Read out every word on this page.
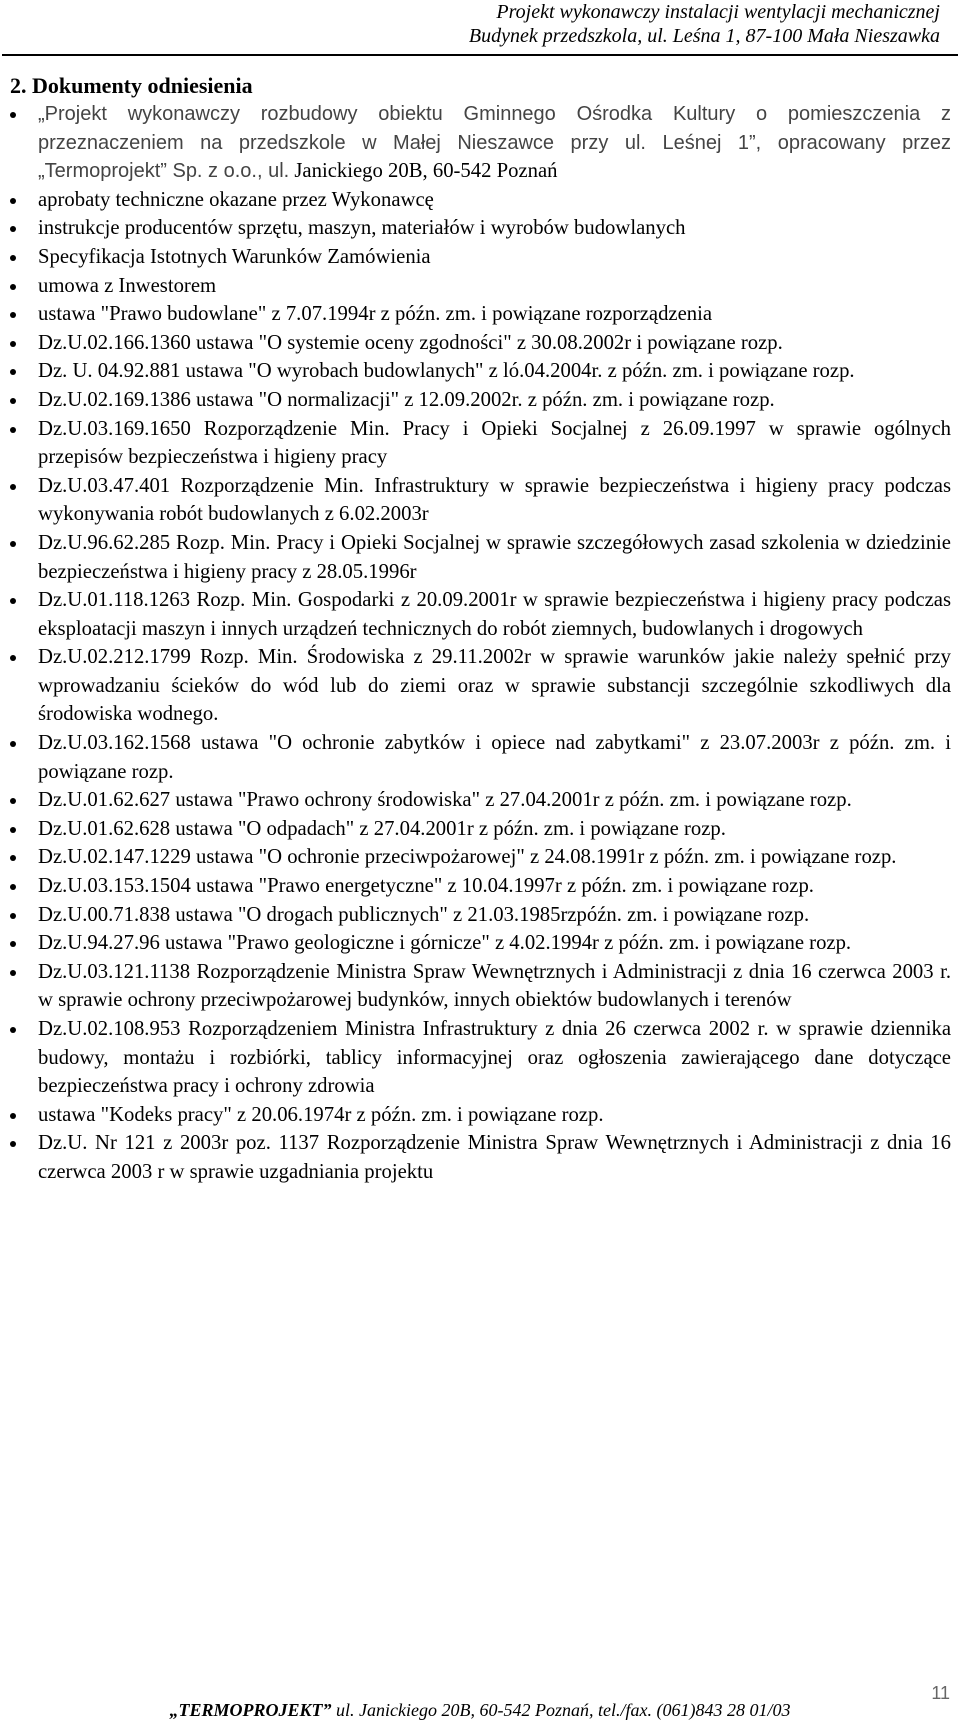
Projekt wykonawczy instalacji wentylacji mechanicznej
Budynek przedszkola, ul. Leśna 1, 87-100 Mała Nieszawka
2. Dokumenty odniesienia
„Projekt wykonawczy rozbudowy obiektu Gminnego Ośrodka Kultury o pomieszczenia z przeznaczeniem na przedszkole w Małej Nieszawce przy ul. Leśnej 1”, opracowany przez „Termoprojekt” Sp. z o.o., ul. Janickiego 20B, 60-542 Poznań
aprobaty techniczne okazane przez Wykonawcę
instrukcje producentów sprzętu, maszyn, materiałów i wyrobów budowlanych
Specyfikacja Istotnych Warunków Zamówienia
umowa z Inwestorem
ustawa "Prawo budowlane" z 7.07.1994r z późn. zm. i powiązane rozporządzenia
Dz.U.02.166.1360 ustawa "O systemie oceny zgodności" z 30.08.2002r i powiązane rozp.
Dz. U. 04.92.881 ustawa "O wyrobach budowlanych" z ló.04.2004r. z późn. zm. i powiązane rozp.
Dz.U.02.169.1386 ustawa "O normalizacji" z 12.09.2002r. z późn. zm. i powiązane rozp.
Dz.U.03.169.1650 Rozporządzenie Min. Pracy i Opieki Socjalnej z 26.09.1997 w sprawie ogólnych przepisów bezpieczeństwa i higieny pracy
Dz.U.03.47.401 Rozporządzenie Min. Infrastruktury w sprawie bezpieczeństwa i higieny pracy podczas wykonywania robót budowlanych z 6.02.2003r
Dz.U.96.62.285 Rozp. Min. Pracy i Opieki Socjalnej w sprawie szczegółowych zasad szkolenia w dziedzinie bezpieczeństwa i higieny pracy z 28.05.1996r
Dz.U.01.118.1263 Rozp. Min. Gospodarki z 20.09.2001r w sprawie bezpieczeństwa i higieny pracy podczas eksploatacji maszyn i innych urządzeń technicznych do robót ziemnych, budowlanych i drogowych
Dz.U.02.212.1799 Rozp. Min. Środowiska z 29.11.2002r w sprawie warunków jakie należy spełnić przy wprowadzaniu ścieków do wód lub do ziemi oraz w sprawie substancji szczególnie szkodliwych dla środowiska wodnego.
Dz.U.03.162.1568 ustawa "O ochronie zabytków i opiece nad zabytkami" z 23.07.2003r z późn. zm. i powiązane rozp.
Dz.U.01.62.627 ustawa "Prawo ochrony środowiska" z 27.04.2001r z późn. zm. i powiązane rozp.
Dz.U.01.62.628 ustawa "O odpadach" z 27.04.2001r z późn. zm. i powiązane rozp.
Dz.U.02.147.1229 ustawa "O ochronie przeciwpożarowej" z 24.08.1991r z późn. zm. i powiązane rozp.
Dz.U.03.153.1504 ustawa "Prawo energetyczne" z 10.04.1997r z późn. zm. i powiązane rozp.
Dz.U.00.71.838 ustawa "O drogach publicznych" z 21.03.1985rzpóźn. zm. i powiązane rozp.
Dz.U.94.27.96 ustawa "Prawo geologiczne i górnicze" z 4.02.1994r z późn. zm. i powiązane rozp.
Dz.U.03.121.1138 Rozporządzenie Ministra Spraw Wewnętrznych i Administracji z dnia 16 czerwca 2003 r. w sprawie ochrony przeciwpożarowej budynków, innych obiektów budowlanych i terenów
Dz.U.02.108.953 Rozporządzeniem Ministra Infrastruktury z dnia 26 czerwca 2002 r. w sprawie dziennika budowy, montażu i rozbiórki, tablicy informacyjnej oraz ogłoszenia zawierającego dane dotyczące bezpieczeństwa pracy i ochrony zdrowia
ustawa "Kodeks pracy" z 20.06.1974r z późn. zm. i powiązane rozp.
Dz.U. Nr 121 z 2003r poz. 1137 Rozporządzenie Ministra Spraw Wewnętrznych i Administracji z dnia 16 czerwca 2003 r w sprawie uzgadniania projektu
11
„TERMOPROJEKT” ul. Janickiego 20B, 60-542 Poznań, tel./fax. (061)843 28 01/03
